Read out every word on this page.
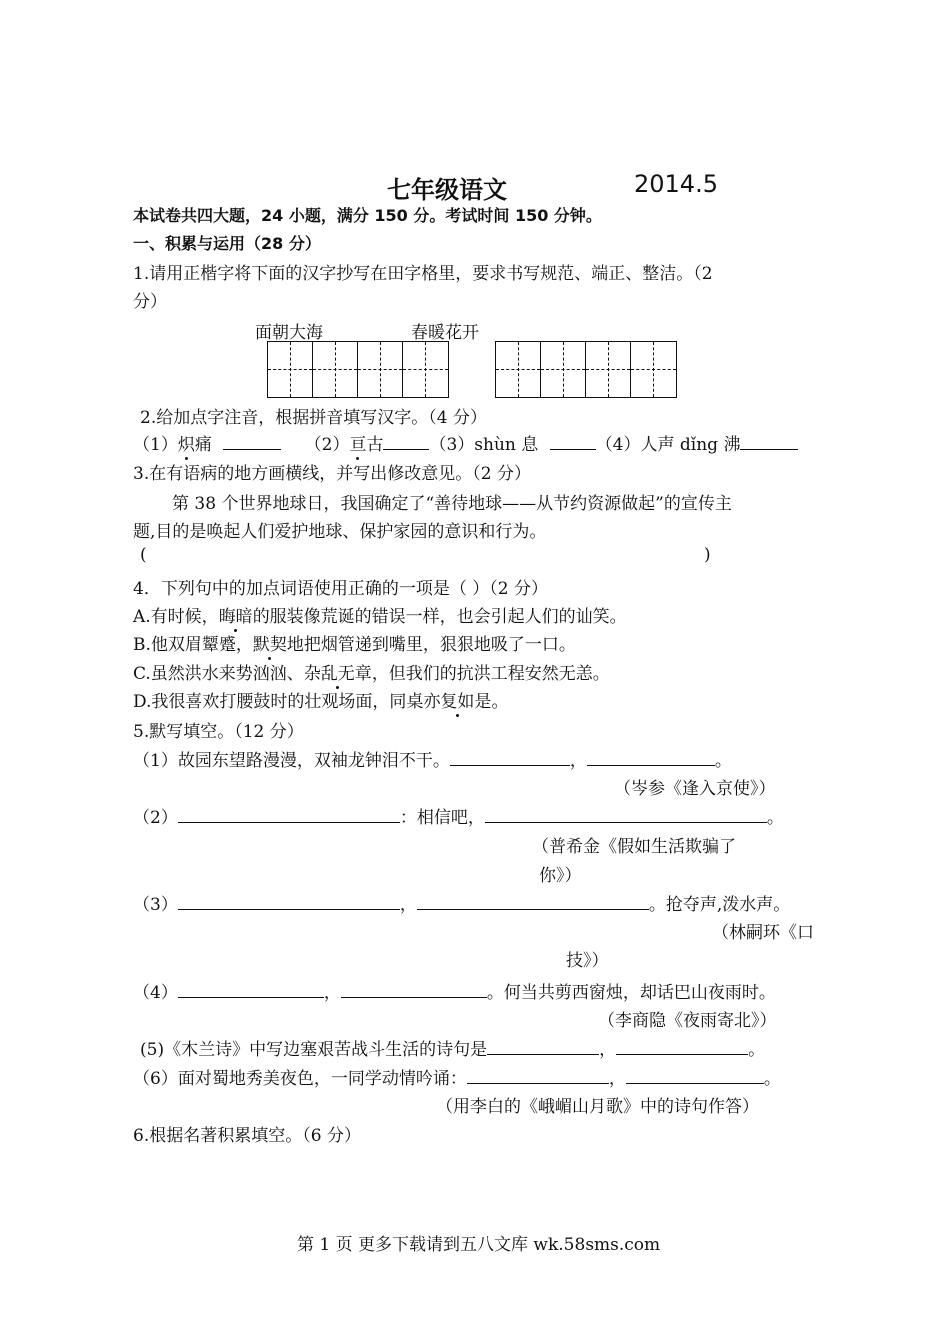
七年级语文	2014.5
本试卷共四大题，24 小题，满分 150 分。考试时间 150 分钟。
一、积累与运用（28 分）
1.请用正楷字将下面的汉字抄写在田字格里，要求书写规范、端正、整洁。（2
分）
面朝大海	春暖花开
2.给加点字注音，根据拼音填写汉字。（4 分）
（1）炽痛	（2）亘古	（3）shùn 息	（4）人声 dǐng 沸
3.在有语病的地方画横线，并写出修改意见。（2 分）
第 38 个世界地球日，我国确定了“善待地球——从节约资源做起”的宣传主
题,目的是唤起人们爱护地球、保护家园的意识和行为。
(	)
4．下列句中的加点词语使用正确的一项是（ ）（2 分）
A.有时候，晦暗的服装像荒诞的错误一样，也会引起人们的讪笑。
B.他双眉颦蹙，默契地把烟管递到嘴里，狠狠地吸了一口。
C.虽然洪水来势汹汹、杂乱无章，但我们的抗洪工程安然无恙。
D.我很喜欢打腰鼓时的壮观场面，同桌亦复如是。
5.默写填空。（12 分）
（1）故园东望路漫漫，双袖龙钟泪不干。	，	。
（岑参《逢入京使》）
（2）	：相信吧，	。
（普希金《假如生活欺骗了
你》）
（3）	，	。抢夺声,泼水声。
（林嗣环《口
技》）
（4）	，	。何当共剪西窗烛，却话巴山夜雨时。
（李商隐《夜雨寄北》）
(5)《木兰诗》中写边塞艰苦战斗生活的诗句是	，	。
（6）面对蜀地秀美夜色，一同学动情吟诵：	，	。
（用李白的《峨嵋山月歌》中的诗句作答）
6.根据名著积累填空。（6 分）
第 1 页 更多下载请到五八文库 wk.58sms.com
